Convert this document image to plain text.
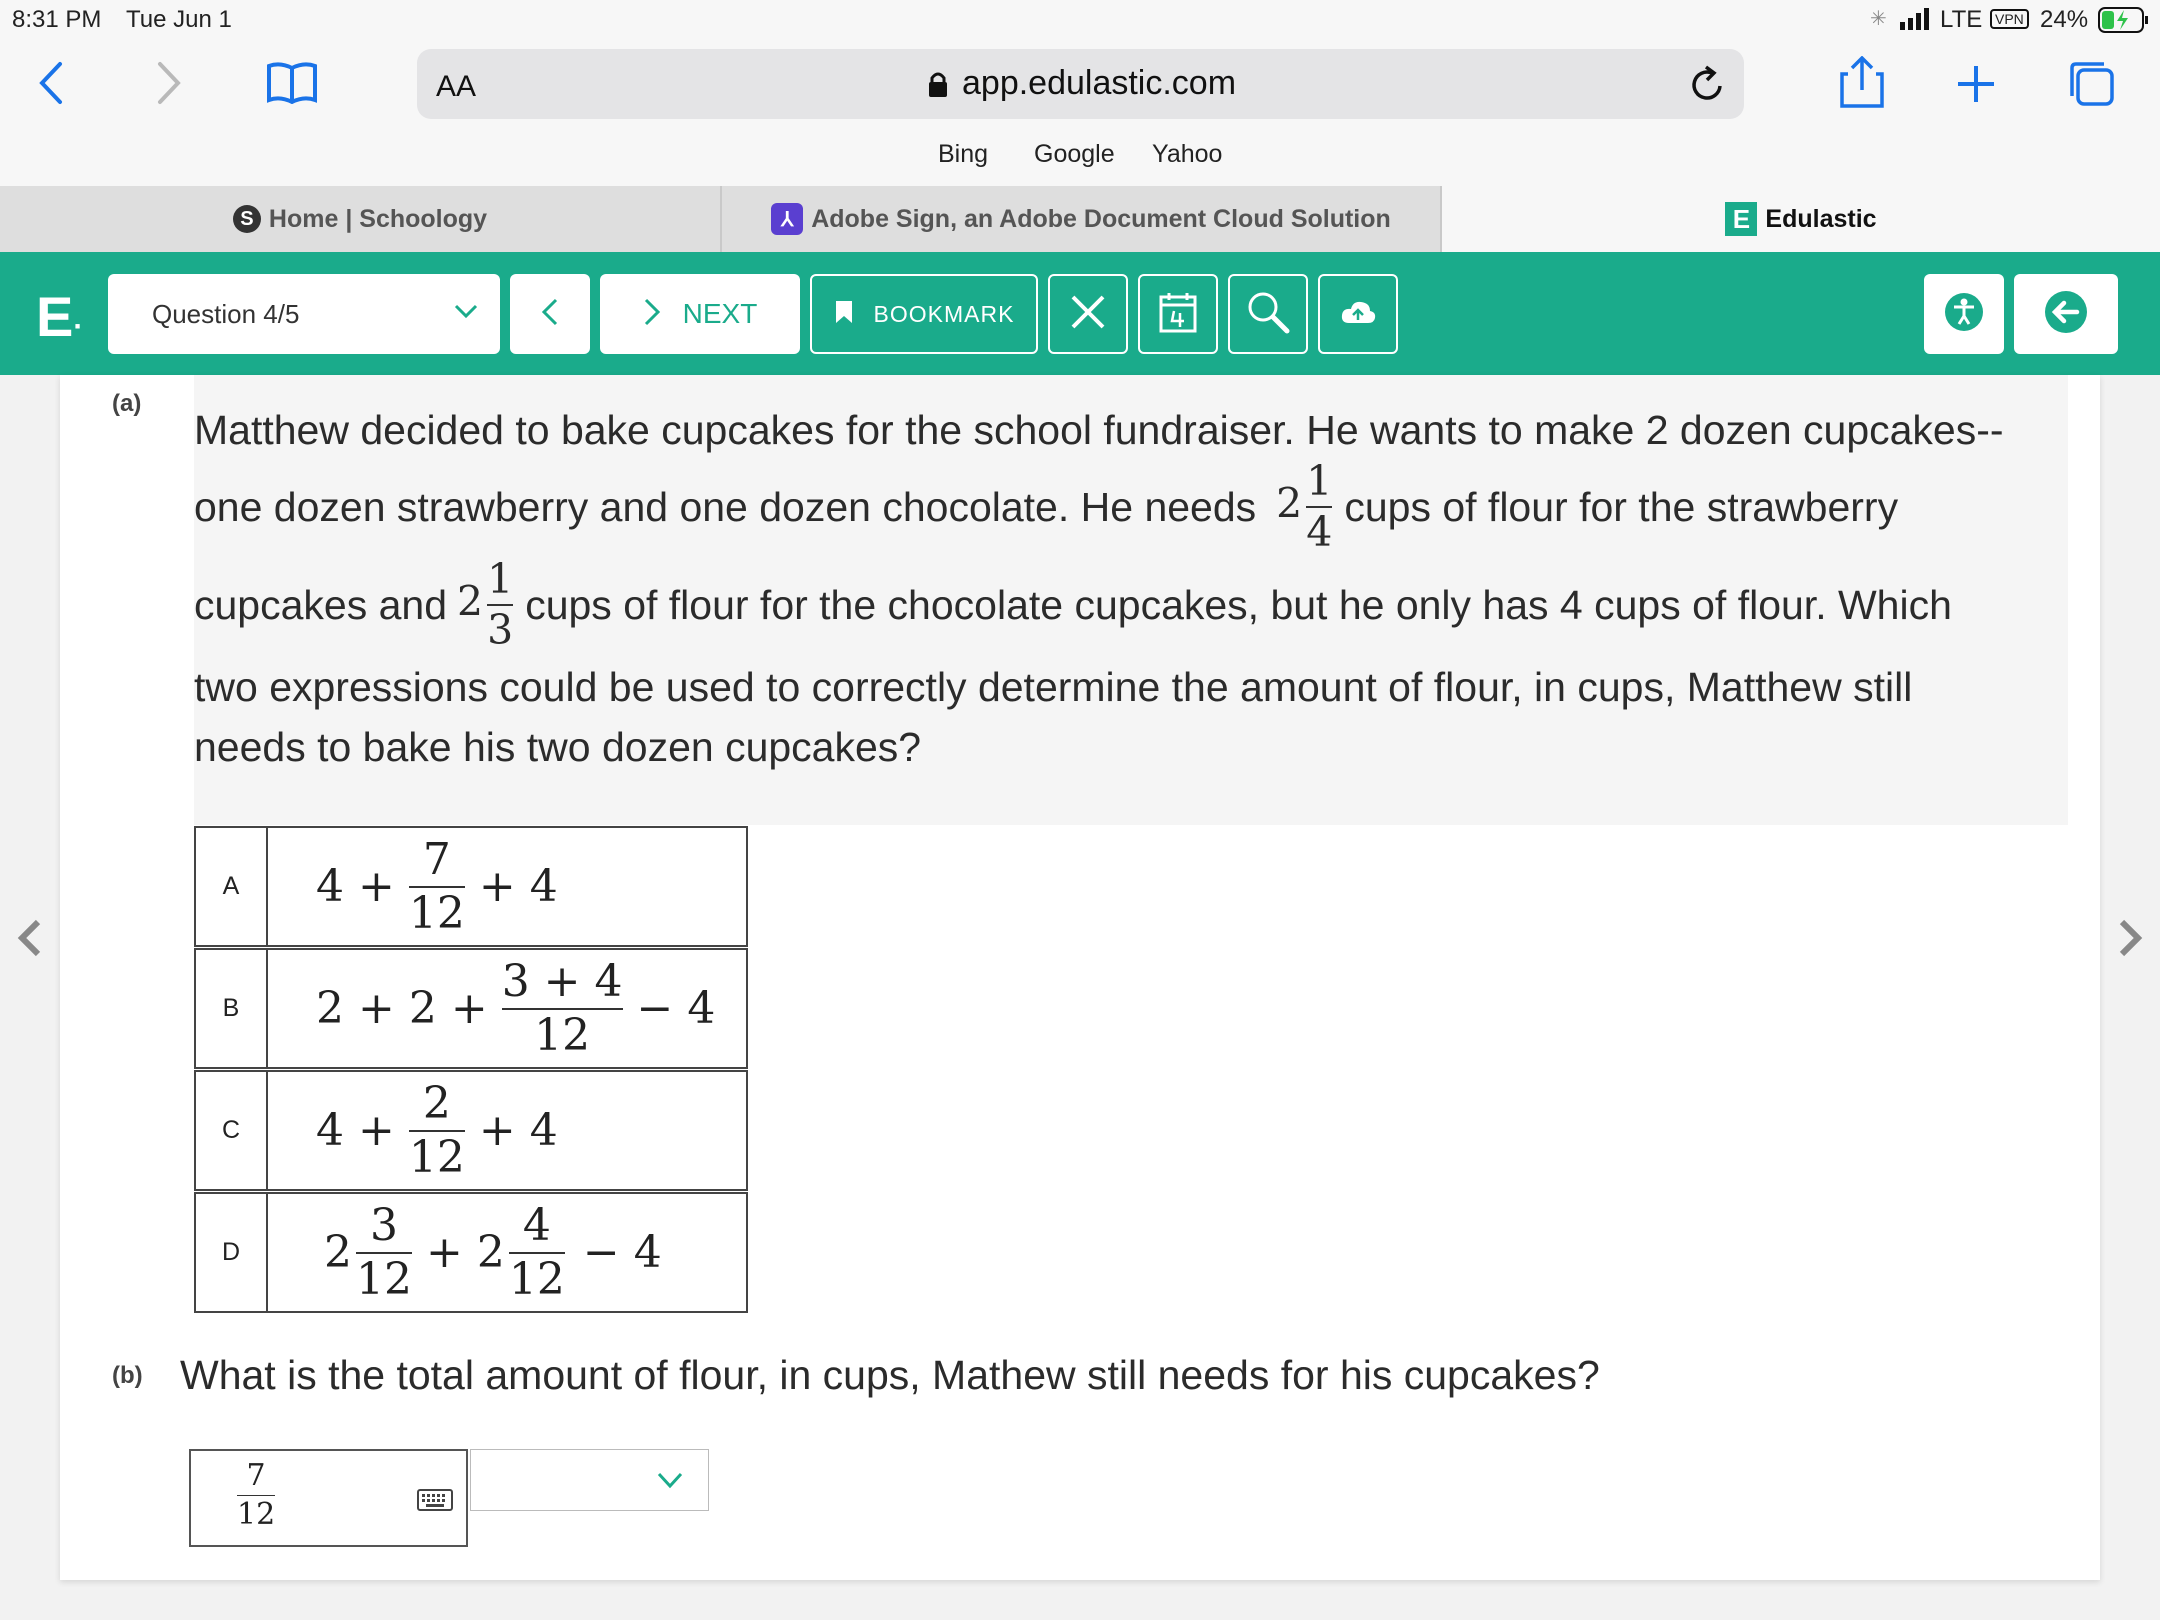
8:31 PM Tue Jun 1	✳ LTE VPN 24%
AA	app.edulastic.com
Bing Google Yahoo
S Home | Schoology	⅄ Adobe Sign, an Adobe Document Cloud Solution	E Edulastic
E·	Question 4/5	NEXT	BOOKMARK
(a)
Matthew decided to bake cupcakes for the school fundraiser. He wants to make 2 dozen cupcakes--
one dozen strawberry and one dozen chocolate. He needs $2 \frac{1}{4}$ cups of flour for the strawberry
cupcakes and $2 \frac{1}{3}$ cups of flour for the chocolate cupcakes, but he only has 4 cups of flour. Which
two expressions could be used to correctly determine the amount of flour, in cups, Matthew still
needs to bake his two dozen cupcakes?
A	$4 + \frac{7}{12} + 4$
B	$2 + 2 + \frac{3 + 4}{12} - 4$
C	$4 + \frac{2}{12} + 4$
D	$2 \frac{3}{12} + 2 \frac{4}{12} - 4$
(b) What is the total amount of flour, in cups, Mathew still needs for his cupcakes?
$\frac{7}{12}$
